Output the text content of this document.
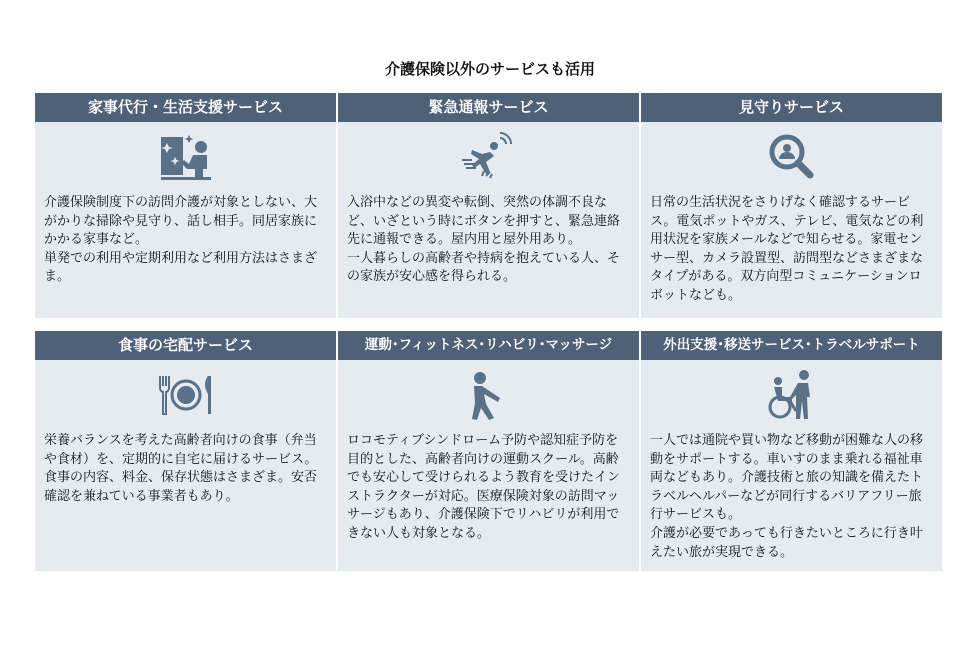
介護保険以外のサービスも活用
家事代行・生活支援サービス
介護保険制度下の訪問介護が対象としない、大がかりな掃除や見守り、話し相手。同居家族にかかる家事など。
単発での利用や定期利用など利用方法はさまざま。
緊急通報サービス
入浴中などの異変や転倒、突然の体調不良など、いざという時にボタンを押すと、緊急連絡先に通報できる。屋内用と屋外用あり。
一人暮らしの高齢者や持病を抱えている人、その家族が安心感を得られる。
見守りサービス
日常の生活状況をさりげなく確認するサービス。電気ポットやガス、テレビ、電気などの利用状況を家族メールなどで知らせる。家電センサー型、カメラ設置型、訪問型などさまざまなタイプがある。双方向型コミュニケーションロボットなども。
食事の宅配サービス
栄養バランスを考えた高齢者向けの食事（弁当や食材）を、定期的に自宅に届けるサービス。食事の内容、料金、保存状態はさまざま。安否確認を兼ねている事業者もあり。
運動･フィットネス･リハビリ･マッサージ
ロコモティブシンドローム予防や認知症予防を目的とした、高齢者向けの運動スクール。高齢でも安心して受けられるよう教育を受けたインストラクターが対応。医療保険対象の訪問マッサージもあり、介護保険下でリハビリが利用できない人も対象となる。
外出支援･移送サービス･トラベルサポート
一人では通院や買い物など移動が困難な人の移動をサポートする。車いすのまま乗れる福祉車両などもあり。介護技術と旅の知識を備えたトラベルヘルパーなどが同行するバリアフリー旅行サービスも。
介護が必要であっても行きたいところに行き叶えたい旅が実現できる。
